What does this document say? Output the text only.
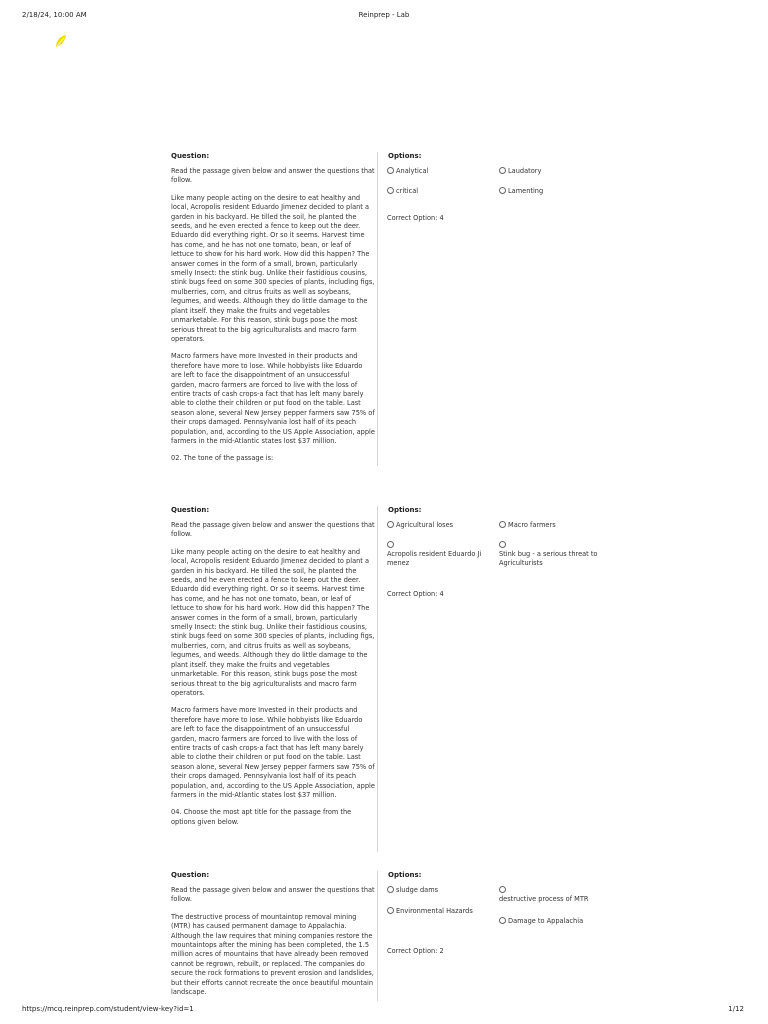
2/18/24, 10:00 AM	Reinprep - Lab
Question:

Read the passage given below and answer the questions that follow.

Like many people acting on the desire to eat healthy and local, Acropolis resident Eduardo Jimenez decided to plant a garden in his backyard. He tilled the soil, he planted the seeds, and he even erected a fence to keep out the deer. Eduardo did everything right. Or so it seems. Harvest time has come, and he has not one tomato, bean, or leaf of lettuce to show for his hard work. How did this happen? The answer comes in the form of a small, brown, particularly smelly Insect: the stink bug. Unlike their fastidious cousins, stink bugs feed on some 300 species of plants, including figs, mulberries, corn, and citrus fruits as well as soybeans, legumes, and weeds. Although they do little damage to the plant itself. they make the fruits and vegetables unmarketable. For this reason, stink bugs pose the most serious threat to the big agriculturalists and macro farm operators.

Macro farmers have more Invested in their products and therefore have more to lose. While hobbyists like Eduardo are left to face the disappointment of an unsuccessful garden, macro farmers are forced to live with the loss of entire tracts of cash crops-a fact that has left many barely able to clothe their children or put food on the table. Last season alone, several New Jersey pepper farmers saw 75% of their crops damaged. Pennsylvania lost half of its peach population, and, according to the US Apple Association, apple farmers in the mid-Atlantic states lost $37 million.

02. The tone of the passage is:

Options:
Analytical	Laudatory
critical	Lamenting
Correct Option: 4
Question:

Read the passage given below and answer the questions that follow.

Like many people acting on the desire to eat healthy and local, Acropolis resident Eduardo Jimenez decided to plant a garden in his backyard. He tilled the soil, he planted the seeds, and he even erected a fence to keep out the deer. Eduardo did everything right. Or so it seems. Harvest time has come, and he has not one tomato, bean, or leaf of lettuce to show for his hard work. How did this happen? The answer comes in the form of a small, brown, particularly smelly Insect: the stink bug. Unlike their fastidious cousins, stink bugs feed on some 300 species of plants, including figs, mulberries, corn, and citrus fruits as well as soybeans, legumes, and weeds. Although they do little damage to the plant itself. they make the fruits and vegetables unmarketable. For this reason, stink bugs pose the most serious threat to the big agriculturalists and macro farm operators.

Macro farmers have more Invested in their products and therefore have more to lose. While hobbyists like Eduardo are left to face the disappointment of an unsuccessful garden, macro farmers are forced to live with the loss of entire tracts of cash crops-a fact that has left many barely able to clothe their children or put food on the table. Last season alone, several New Jersey pepper farmers saw 75% of their crops damaged. Pennsylvania lost half of its peach population, and, according to the US Apple Association, apple farmers in the mid-Atlantic states lost $37 million.

04. Choose the most apt title for the passage from the options given below.

Options:
Agricultural loses	Macro farmers

Acropolis resident Eduardo Ji menez

Stink bug - a serious threat to Agriculturists
Correct Option: 4
Question:

Read the passage given below and answer the questions that follow.

The destructive process of mountaintop removal mining (MTR) has caused permanent damage to Appalachia. Although the law requires that mining companies restore the mountaintops after the mining has been completed, the 1.5 million acres of mountains that have already been removed cannot be regrown, rebuilt, or replaced. The companies do secure the rock formations to prevent erosion and landslides, but their efforts cannot recreate the once beautiful mountain landscape.

Options:
sludge dams

destructive process of MTR
Environmental Hazards
Damage to Appalachia
Correct Option: 2
https://mcq.reinprep.com/student/view-key?id=1	1/12
